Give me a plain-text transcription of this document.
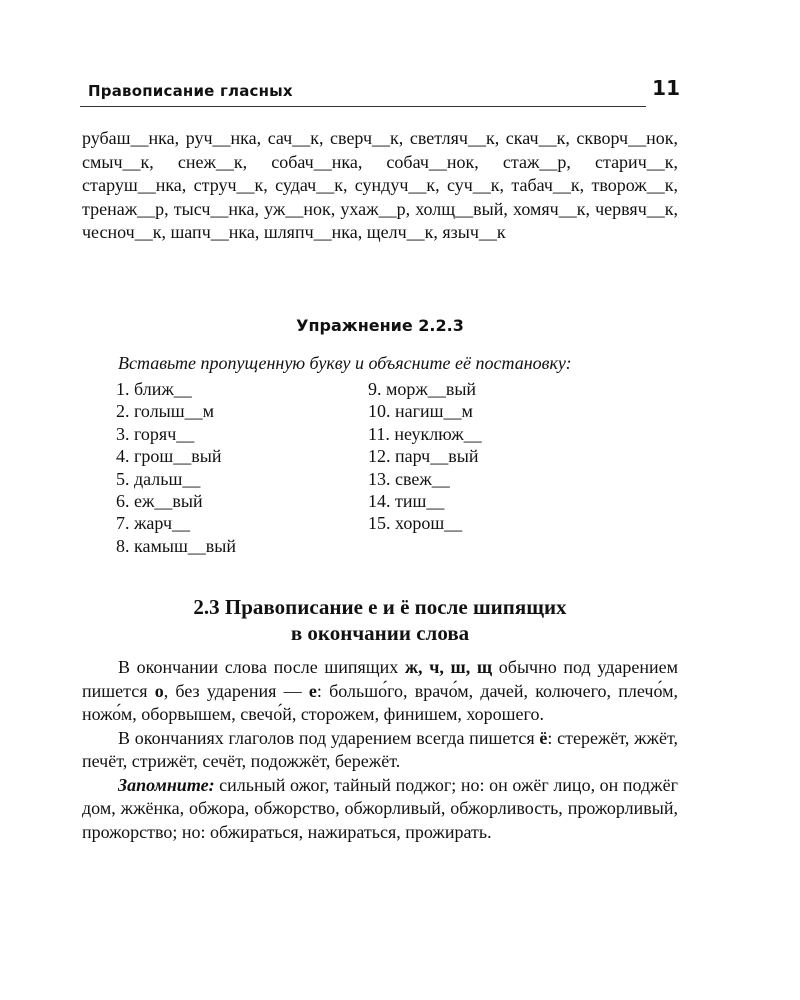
Правописание гласных	11
рубаш__нка, руч__нка, сач__к, сверч__к, светляч__к, скач__к, скворч__нок, смыч__к, снеж__к, собач__нка, собач__нок, стаж__р, старич__к, старуш__нка, струч__к, судач__к, сундуч__к, суч__к, табач__к, творож__к, тренаж__р, тысч__нка, уж__нок, ухаж__р, холщ__вый, хомяч__к, червяч__к, чесноч__к, шапч__нка, шляпч__нка, щелч__к, языч__к
Упражнение 2.2.3
Вставьте пропущенную букву и объясните её постановку:
1. ближ__
2. голыш__м
3. горяч__
4. грош__вый
5. дальш__
6. еж__вый
7. жарч__
8. камыш__вый
9. морж__вый
10. нагиш__м
11. неуклюж__
12. парч__вый
13. свеж__
14. тиш__
15. хорош__
2.3 Правописание е и ё после шипящих
в окончании слова

В окончании слова после шипящих ж, ч, ш, щ обычно под ударением пишется о, без ударения — е: большо́го, врачо́м, дачей, колючего, плечо́м, ножо́м, оборвышем, свечо́й, сторожем, финишем, хорошего.

В окончаниях глаголов под ударением всегда пишется ё: стережёт, жжёт, печёт, стрижёт, сечёт, подожжёт, бережёт.

Запомните: сильный ожог, тайный поджог; но: он ожёг лицо, он поджёг дом, жжёнка, обжора, обжорство, обжорливый, обжорливость, прожорливый, прожорство; но: обжираться, нажираться, прожирать.
